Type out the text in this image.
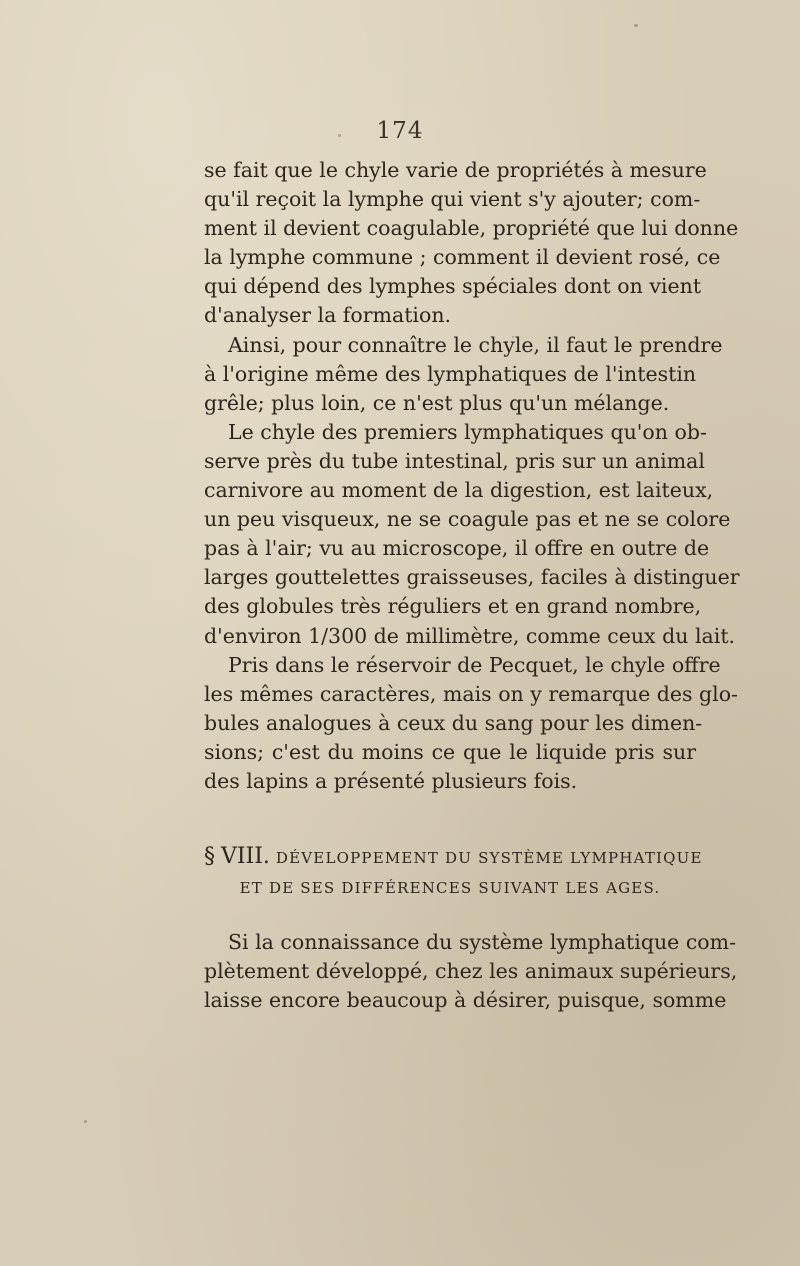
174
se fait que le chyle varie de propriétés à mesure
qu'il reçoit la lymphe qui vient s'y ajouter; com-
ment il devient coagulable, propriété que lui donne
la lymphe commune ; comment il devient rosé, ce
qui dépend des lymphes spéciales dont on vient
d'analyser la formation.
Ainsi, pour connaître le chyle, il faut le prendre
à l'origine même des lymphatiques de l'intestin
grêle; plus loin, ce n'est plus qu'un mélange.
Le chyle des premiers lymphatiques qu'on ob-
serve près du tube intestinal, pris sur un animal
carnivore au moment de la digestion, est laiteux,
un peu visqueux, ne se coagule pas et ne se colore
pas à l'air; vu au microscope, il offre en outre de
larges gouttelettes graisseuses, faciles à distinguer
des globules très réguliers et en grand nombre,
d'environ 1/300 de millimètre, comme ceux du lait.
Pris dans le réservoir de Pecquet, le chyle offre
les mêmes caractères, mais on y remarque des glo-
bules analogues à ceux du sang pour les dimen-
sions; c'est du moins ce que le liquide pris sur
des lapins a présenté plusieurs fois.
§ VIII. DÉVELOPPEMENT DU SYSTÈME LYMPHATIQUE
ET DE SES DIFFÉRENCES SUIVANT LES AGES.
Si la connaissance du système lymphatique com-
plètement développé, chez les animaux supérieurs,
laisse encore beaucoup à désirer, puisque, somme
